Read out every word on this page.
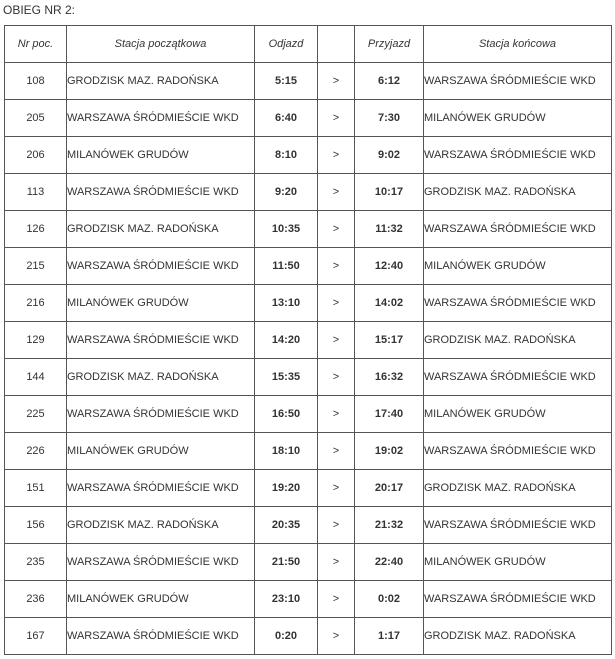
OBIEG NR 2:
Nr poc.	Stacja początkowa	Odjazd		Przyjazd	Stacja końcowa
108	GRODZISK MAZ. RADOŃSKA	5:15	>	6:12	WARSZAWA ŚRÓDMIEŚCIE WKD
205	WARSZAWA ŚRÓDMIEŚCIE WKD	6:40	>	7:30	MILANÓWEK GRUDÓW
206	MILANÓWEK GRUDÓW	8:10	>	9:02	WARSZAWA ŚRÓDMIEŚCIE WKD
113	WARSZAWA ŚRÓDMIEŚCIE WKD	9:20	>	10:17	GRODZISK MAZ. RADOŃSKA
126	GRODZISK MAZ. RADOŃSKA	10:35	>	11:32	WARSZAWA ŚRÓDMIEŚCIE WKD
215	WARSZAWA ŚRÓDMIEŚCIE WKD	11:50	>	12:40	MILANÓWEK GRUDÓW
216	MILANÓWEK GRUDÓW	13:10	>	14:02	WARSZAWA ŚRÓDMIEŚCIE WKD
129	WARSZAWA ŚRÓDMIEŚCIE WKD	14:20	>	15:17	GRODZISK MAZ. RADOŃSKA
144	GRODZISK MAZ. RADOŃSKA	15:35	>	16:32	WARSZAWA ŚRÓDMIEŚCIE WKD
225	WARSZAWA ŚRÓDMIEŚCIE WKD	16:50	>	17:40	MILANÓWEK GRUDÓW
226	MILANÓWEK GRUDÓW	18:10	>	19:02	WARSZAWA ŚRÓDMIEŚCIE WKD
151	WARSZAWA ŚRÓDMIEŚCIE WKD	19:20	>	20:17	GRODZISK MAZ. RADOŃSKA
156	GRODZISK MAZ. RADOŃSKA	20:35	>	21:32	WARSZAWA ŚRÓDMIEŚCIE WKD
235	WARSZAWA ŚRÓDMIEŚCIE WKD	21:50	>	22:40	MILANÓWEK GRUDÓW
236	MILANÓWEK GRUDÓW	23:10	>	0:02	WARSZAWA ŚRÓDMIEŚCIE WKD
167	WARSZAWA ŚRÓDMIEŚCIE WKD	0:20	>	1:17	GRODZISK MAZ. RADOŃSKA
